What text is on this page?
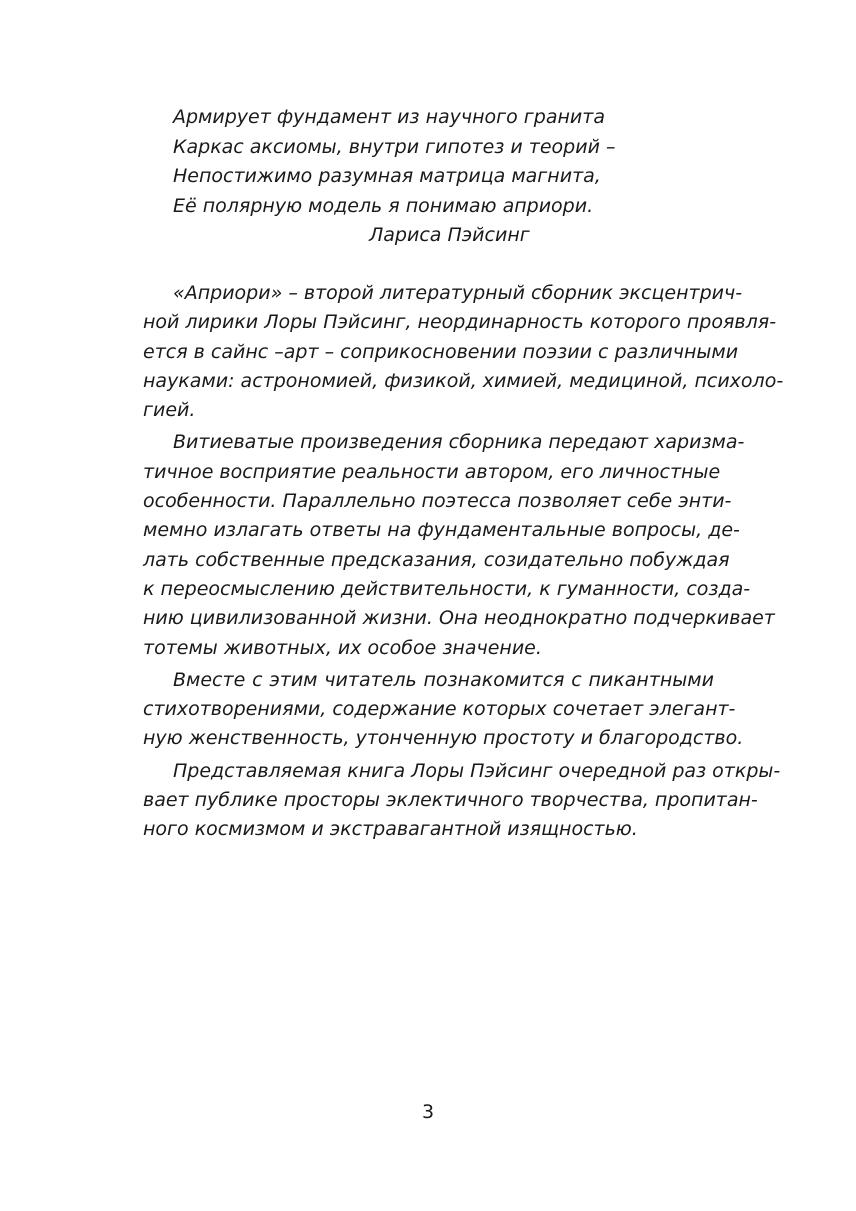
Армирует фундамент из научного гранита
Каркас аксиомы, внутри гипотез и теорий –
Непостижимо разумная матрица магнита,
Её полярную модель я понимаю априори.
Лариса Пэйсинг
«Априори» – второй литературный сборник эксцентрич-
ной лирики Лоры Пэйсинг, неординарность которого проявля-
ется в сайнс –арт – соприкосновении поэзии с различными
науками: астрономией, физикой, химией, медициной, психоло-
гией.
Витиеватые произведения сборника передают харизма-
тичное восприятие реальности автором, его личностные
особенности. Параллельно поэтесса позволяет себе энти-
мемно излагать ответы на фундаментальные вопросы, де-
лать собственные предсказания, созидательно побуждая
к переосмыслению действительности, к гуманности, созда-
нию цивилизованной жизни. Она неоднократно подчеркивает
тотемы животных, их особое значение.
Вместе с этим читатель познакомится с пикантными
стихотворениями, содержание которых сочетает элегант-
ную женственность, утонченную простоту и благородство.
Представляемая книга Лоры Пэйсинг очередной раз откры-
вает публике просторы эклектичного творчества, пропитан-
ного космизмом и экстравагантной изящностью.
3
